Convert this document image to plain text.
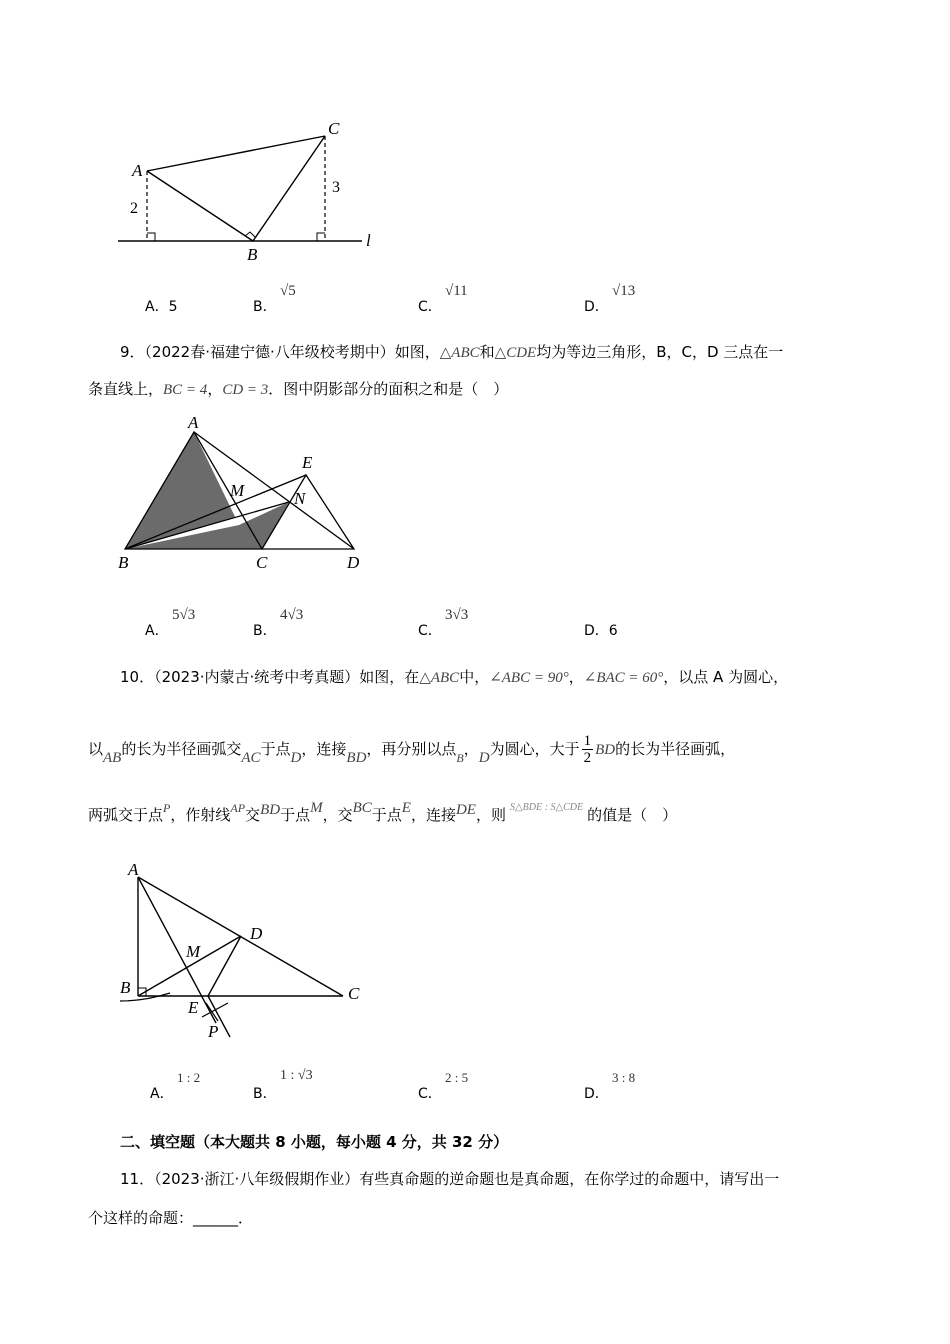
A
C
B
l
2
3
A．5	B．
√5
C．
√11
D．
√13
9．（2022春·福建宁德·八年级校考期中）如图，△ABC和△CDE均为等边三角形，B，C，D 三点在一
条直线上，BC = 4，CD = 3．图中阴影部分的面积之和是（　）
A
B	C	D
E
M	N
A．
5√3
B．
4√3
C．
3√3
D．6
10．（2023·内蒙古·统考中考真题）如图，在△ABC中，∠ABC = 90°，∠BAC = 60°，以点 A 为圆心，
以AB的长为半径画弧交AC于点D，连接BD，再分别以点$_B$，D为圆心，大于 $\frac{1}{2}$ BD的长为半径画弧，
两弧交于点$^P$，作射线$^{AP}$交BD于点M，交BC于点E，连接DE，则 $^{S\triangle BDE : S\triangle CDE}$ 的值是（　）
A
B	C
D
E
M
P
A．
1 : 2
B．
1 : √3
C．
2 : 5
D．
3 : 8
二、填空题（本大题共 8 小题，每小题 4 分，共 32 分）
11．（2023·浙江·八年级假期作业）有些真命题的逆命题也是真命题，在你学过的命题中，请写出一
个这样的命题：______．
